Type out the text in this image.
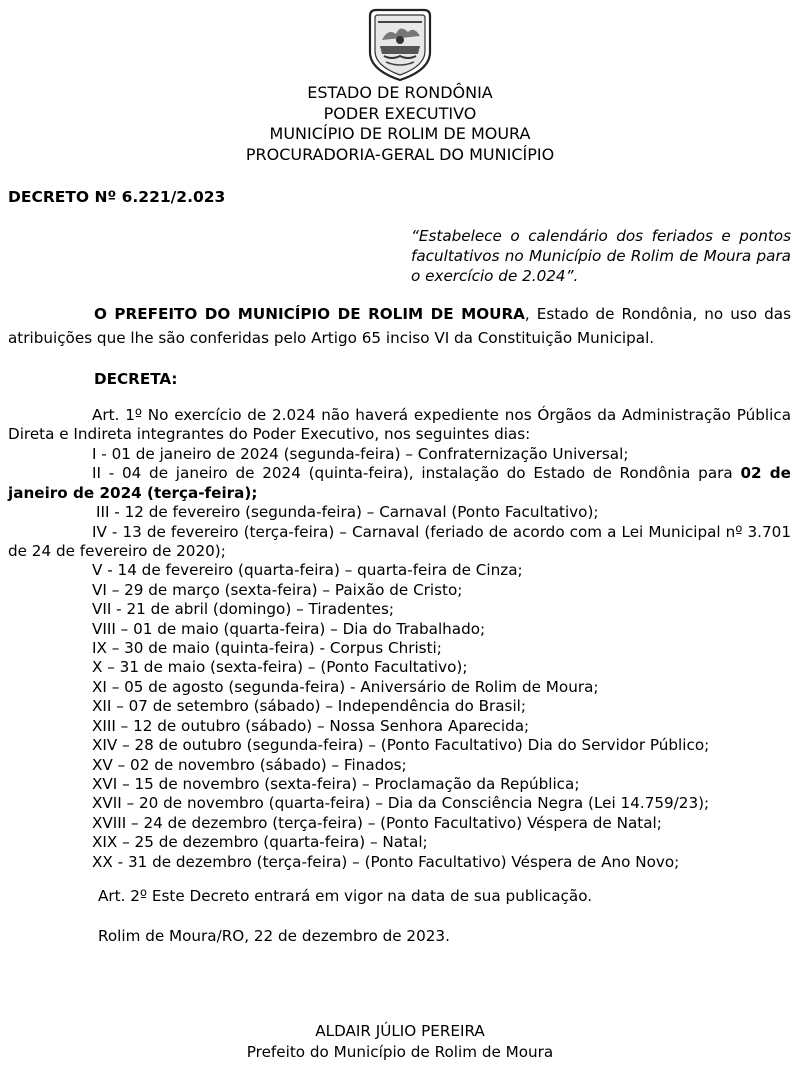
ESTADO DE RONDÔNIA
PODER EXECUTIVO
MUNICÍPIO DE ROLIM DE MOURA
PROCURADORIA-GERAL DO MUNICÍPIO
DECRETO Nº 6.221/2.023
“Estabelece o calendário dos feriados e pontos facultativos no Município de Rolim de Moura para o exercício de 2.024”.
O PREFEITO DO MUNICÍPIO DE ROLIM DE MOURA, Estado de Rondônia, no uso das atribuições que lhe são conferidas pelo Artigo 65 inciso VI da Constituição Municipal.
DECRETA:
Art. 1º No exercício de 2.024 não haverá expediente nos Órgãos da Administração Pública Direta e Indireta integrantes do Poder Executivo, nos seguintes dias:
I - 01 de janeiro de 2024 (segunda-feira) – Confraternização Universal;
II - 04 de janeiro de 2024 (quinta-feira), instalação do Estado de Rondônia para 02 de janeiro de 2024 (terça-feira);
III - 12 de fevereiro (segunda-feira) – Carnaval (Ponto Facultativo);
IV - 13 de fevereiro (terça-feira) – Carnaval (feriado de acordo com a Lei Municipal nº 3.701 de 24 de fevereiro de 2020);
V - 14 de fevereiro (quarta-feira) – quarta-feira de Cinza;
VI – 29 de março (sexta-feira) – Paixão de Cristo;
VII - 21 de abril (domingo) – Tiradentes;
VIII – 01 de maio (quarta-feira) – Dia do Trabalhado;
IX – 30 de maio (quinta-feira) - Corpus Christi;
X – 31 de maio (sexta-feira) – (Ponto Facultativo);
XI – 05 de agosto (segunda-feira) - Aniversário de Rolim de Moura;
XII – 07 de setembro (sábado) – Independência do Brasil;
XIII – 12 de outubro (sábado) – Nossa Senhora Aparecida;
XIV – 28 de outubro (segunda-feira) – (Ponto Facultativo) Dia do Servidor Público;
XV – 02 de novembro (sábado) – Finados;
XVI – 15 de novembro (sexta-feira) – Proclamação da República;
XVII – 20 de novembro (quarta-feira) – Dia da Consciência Negra (Lei 14.759/23);
XVIII – 24 de dezembro (terça-feira) – (Ponto Facultativo) Véspera de Natal;
XIX – 25 de dezembro (quarta-feira) – Natal;
XX - 31 de dezembro (terça-feira) – (Ponto Facultativo) Véspera de Ano Novo;
Art. 2º Este Decreto entrará em vigor na data de sua publicação.
Rolim de Moura/RO, 22 de dezembro de 2023.
ALDAIR JÚLIO PEREIRA
Prefeito do Município de Rolim de Moura
